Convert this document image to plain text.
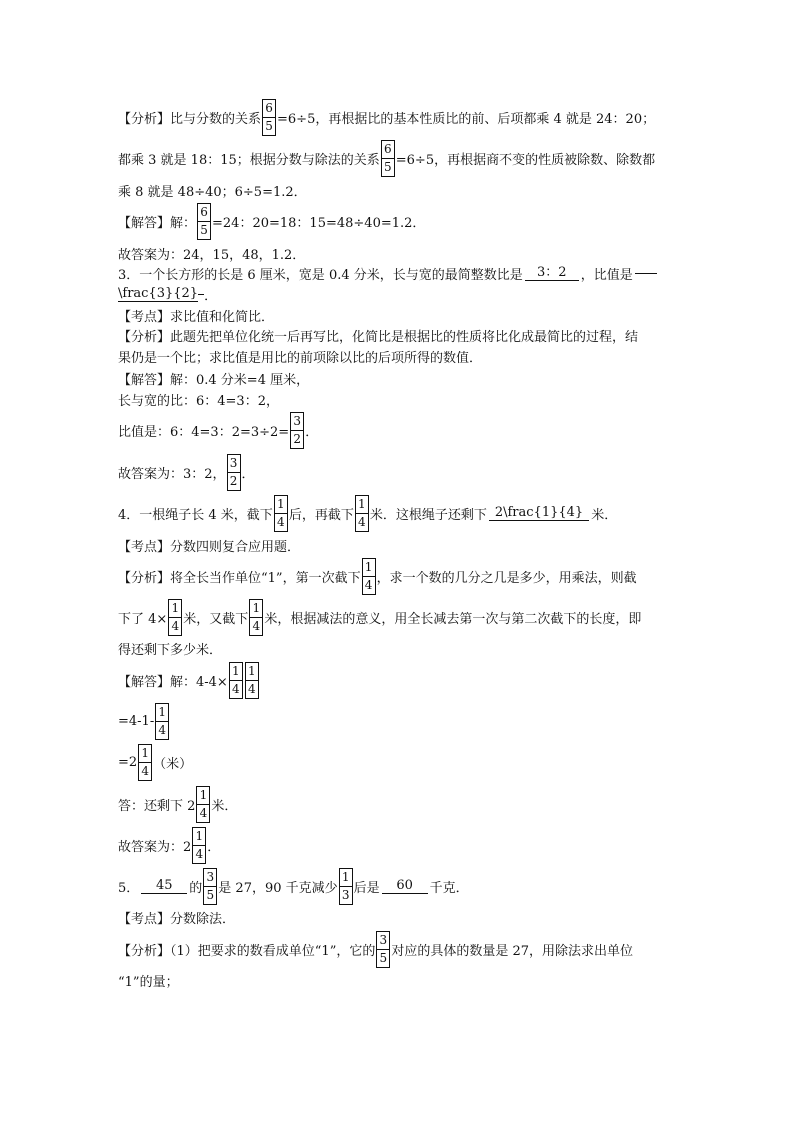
【分析】比与分数的关系 $\frac{6}{5} =6\div 5$，再根据比的基本性质比的前、后项都乘 4 就是 24：20；
都乘 3 就是 18：15；根据分数与除法的关系 $\frac{6}{5} =6\div 5$，再根据商不变的性质被除数、除数都
乘 8 就是 48÷40；6÷5=1.2．
【解答】解： $\frac{6}{5} =24$：20=18：15=48÷40=1.2．
故答案为：24，15，48，1.2．
3．一个长方形的长是 6 厘米，宽是 0.4 分米，长与宽的最简整数比是	3：2	，比值是
\frac{3}{2} ．
【考点】求比值和化简比．
【分析】此题先把单位化统一后再写比，化简比是根据比的性质将比化成最简比的过程，结
果仍是一个比；求比值是用比的前项除以比的后项所得的数值．
【解答】解：0.4 分米=4 厘米，
长与宽的比：6：4=3：2，
比值是：6：4=3：$2=3\div 2= \frac{3}{2}$ ．
故答案为：3：2， $\frac{3}{2}$ ．
4．一根绳子长 4 米，截下 $\frac{1}{4}$ 后，再截下 $\frac{1}{4}$ 米．这根绳子还剩下 2\frac{1}{4} 米．
【考点】分数四则复合应用题．
【分析】将全长当作单位“1”，第一次截下 $\frac{1}{4}$ ，求一个数的几分之几是多少，用乘法，则截
下了 $4\times \frac{1}{4}$ 米，又截下 $\frac{1}{4}$ 米，根据减法的意义，用全长减去第一次与第二次截下的长度，即
得还剩下多少米．
【解答】解：$4-4\times \frac{1}{4} \frac{1}{4}$
$=4-1- \frac{1}{4}$
$=2 \frac{1}{4}$ （米）
答：还剩下 $2 \frac{1}{4}$ 米．
故答案为：$2 \frac{1}{4}$ ．
5．	45	的 $\frac{3}{5}$ 是 27，90 千克减少 $\frac{1}{3}$ 后是	60	千克．
【考点】分数除法．
【分析】（1）把要求的数看成单位“1”，它的 $\frac{3}{5}$ 对应的具体的数量是 27，用除法求出单位
“1”的量；
